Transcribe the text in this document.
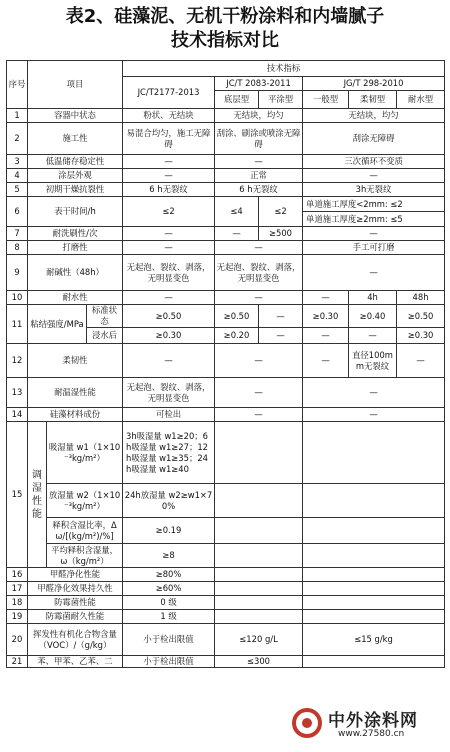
表2、硅藻泥、无机干粉涂料和内墙腻子
技术指标对比
序号	项目			技术指标					
				JC/T2177-2013	JC/T 2083-2011		JG/T 298-2010		
					底层型	平涂型	一般型	柔韧型	耐水型
1	容器中状态			粉状、无结块	无结块，均匀		无结块，均匀		
2	施工性			易混合均匀，施工无障碍	刮涂、刷涂或喷涂无障碍		刮涂无障碍		
3	低温储存稳定性			—	—		三次循环不变质		
4	涂层外观			—	正常		—		
5	初期干燥抗裂性			6 h无裂纹	6 h无裂纹		3h无裂纹		
6	表干时间/h			≤2	≤4	≤2	单道施工厚度<2mm: ≤2		
							单道施工厚度≥2mm: ≤5		
7	耐洗刷性/次			—	—	≥500	—		
8	打磨性			—	—		手工可打磨		
9	耐碱性（48h）			无起泡、裂纹、剥落，无明显变色	无起泡、裂纹、剥落，无明显变色		—		
10	耐水性			—	—		—	4h	48h
11	粘结强度/MPa		标准状态	≥0.50	≥0.50	—	≥0.30	≥0.40	≥0.50
			浸水后	≥0.30	≥0.20	—	—	—	≥0.30
12	柔韧性			—	—		—	直径100mm无裂纹	—
13	耐温湿性能			无起泡、裂纹、剥落，无明显变色	—		—		
14	硅藻材料成份			可检出	—		—		
15	调湿性能	吸湿量 w1（1×10⁻³kg/m²）		3h吸湿量 w1≥20；6h吸湿量 w1≥27；12h吸湿量 w1≥35；24h吸湿量 w1≥40					
		放湿量 w2（1×10⁻³kg/m²）		24h放湿量 w2≥w1×70%					
		释积含湿比率，Δω/[(kg/m²)/%]		≥0.19					
		平均释积含湿量，ω（kg/m²）		≥8					
16	甲醛净化性能			≥80%					
17	甲醛净化效果持久性			≥60%					
18	防霉菌性能			0 级					
19	防霉菌耐久性能			1 级					
20	挥发性有机化合物含量（VOC）/（g/kg）			小于检出限值	≤120 g/L		≤15 g/kg		
21	苯、甲苯、乙苯、二			小于检出限值	≤300				
中外涂料网
www.27580.cn
